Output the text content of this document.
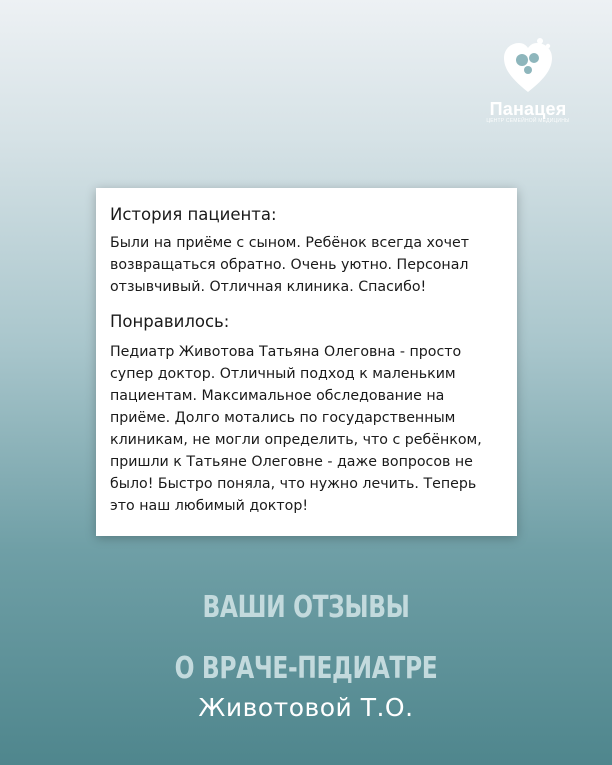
Панацея
ЦЕНТР СЕМЕЙНОЙ МЕДИЦИНЫ
История пациента:

Были на приёме с сыном. Ребёнок всегда хочет возвращаться обратно. Очень уютно. Персонал отзывчивый. Отличная клиника. Спасибо!

Понравилось:

Педиатр Животова Татьяна Олеговна - просто супер доктор. Отличный подход к маленьким пациентам. Максимальное обследование на приёме. Долго мотались по государственным клиникам, не могли определить, что с ребёнком, пришли к Татьяне Олеговне - даже вопросов не было! Быстро поняла, что нужно лечить. Теперь это наш любимый доктор!

ВАШИ ОТЗЫВЫ
О ВРАЧЕ-ПЕДИАТРЕ
Животовой Т.О.
